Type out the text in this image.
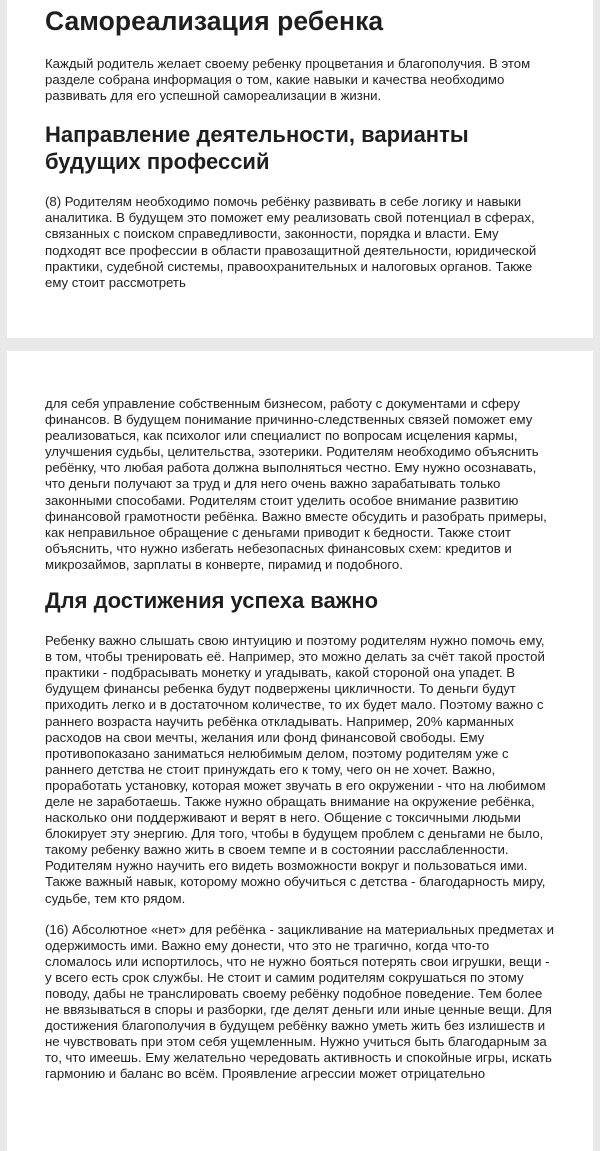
Самореализация ребенка

Каждый родитель желает своему ребенку процветания и благополучия. В этом разделе собрана информация о том, какие навыки и качества необходимо развивать для его успешной самореализации в жизни.

Направление деятельности, варианты будущих профессий

(8) Родителям необходимо помочь ребёнку развивать в себе логику и навыки аналитика. В будущем это поможет ему реализовать свой потенциал в сферах, связанных с поиском справедливости, законности, порядка и власти. Ему подходят все профессии в области правозащитной деятельности, юридической практики, судебной системы, правоохранительных и налоговых органов. Также ему стоит рассмотреть

для себя управление собственным бизнесом, работу с документами и сферу финансов. В будущем понимание причинно-следственных связей поможет ему реализоваться, как психолог или специалист по вопросам исцеления кармы, улучшения судьбы, целительства, эзотерики. Родителям необходимо объяснить ребёнку, что любая работа должна выполняться честно. Ему нужно осознавать, что деньги получают за труд и для него очень важно зарабатывать только законными способами. Родителям стоит уделить особое внимание развитию финансовой грамотности ребёнка. Важно вместе обсудить и разобрать примеры, как неправильное обращение с деньгами приводит к бедности. Также стоит объяснить, что нужно избегать небезопасных финансовых схем: кредитов и микрозаймов, зарплаты в конверте, пирамид и подобного.

Для достижения успеха важно

Ребенку важно слышать свою интуицию и поэтому родителям нужно помочь ему, в том, чтобы тренировать её. Например, это можно делать за счёт такой простой практики - подбрасывать монетку и угадывать, какой стороной она упадет. В будущем финансы ребенка будут подвержены цикличности. То деньги будут приходить легко и в достаточном количестве, то их будет мало. Поэтому важно с раннего возраста научить ребёнка откладывать. Например, 20% карманных расходов на свои мечты, желания или фонд финансовой свободы. Ему противопоказано заниматься нелюбимым делом, поэтому родителям уже с раннего детства не стоит принуждать его к тому, чего он не хочет. Важно, проработать установку, которая может звучать в его окружении - что на любимом деле не заработаешь. Также нужно обращать внимание на окружение ребёнка, насколько они поддерживают и верят в него. Общение с токсичными людьми блокирует эту энергию. Для того, чтобы в будущем проблем с деньгами не было, такому ребенку важно жить в своем темпе и в состоянии расслабленности. Родителям нужно научить его видеть возможности вокруг и пользоваться ими. Также важный навык, которому можно обучиться с детства - благодарность миру, судьбе, тем кто рядом.

(16) Абсолютное «нет» для ребёнка - зацикливание на материальных предметах и одержимость ими. Важно ему донести, что это не трагично, когда что-то сломалось или испортилось, что не нужно бояться потерять свои игрушки, вещи - у всего есть срок службы. Не стоит и самим родителям сокрушаться по этому поводу, дабы не транслировать своему ребёнку подобное поведение. Тем более не ввязываться в споры и разборки, где делят деньги или иные ценные вещи. Для достижения благополучия в будущем ребёнку важно уметь жить без излишеств и не чувствовать при этом себя ущемленным. Нужно учиться быть благодарным за то, что имеешь. Ему желательно чередовать активность и спокойные игры, искать гармонию и баланс во всём. Проявление агрессии может отрицательно
